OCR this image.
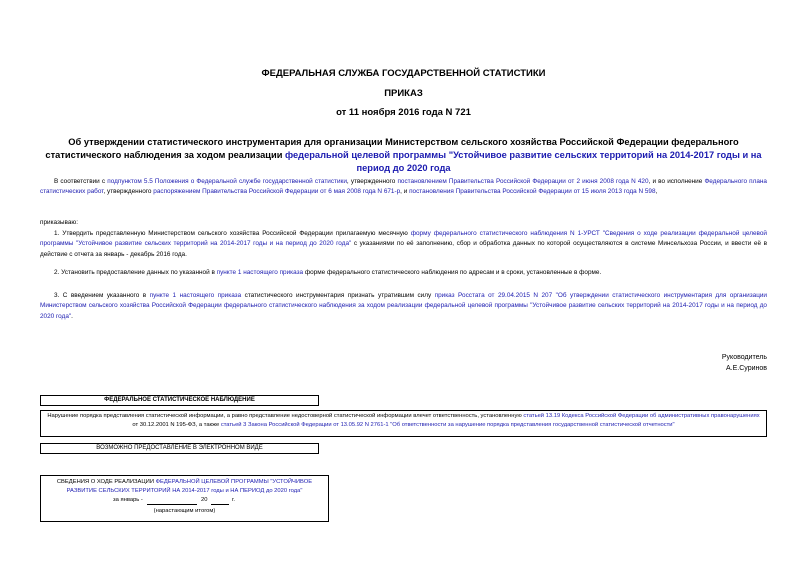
ФЕДЕРАЛЬНАЯ СЛУЖБА ГОСУДАРСТВЕННОЙ СТАТИСТИКИ
ПРИКАЗ
от 11 ноября 2016 года N 721
Об утверждении статистического инструментария для организации Министерством сельского хозяйства Российской Федерации федерального статистического наблюдения за ходом реализации федеральной целевой программы "Устойчивое развитие сельских территорий на 2014-2017 годы и на период до 2020 года
В соответствии с подпунктом 5.5 Положения о Федеральной службе государственной статистики, утвержденного постановлением Правительства Российской Федерации от 2 июня 2008 года N 420, и во исполнение Федерального плана статистических работ, утвержденного распоряжением Правительства Российской Федерации от 6 мая 2008 года N 671-р, и постановления Правительства Российской Федерации от 15 июля 2013 года N 598,
приказываю:
1. Утвердить представленную Министерством сельского хозяйства Российской Федерации прилагаемую месячную форму федерального статистического наблюдения N 1-УРСТ "Сведения о ходе реализации федеральной целевой программы "Устойчивое развитие сельских территорий на 2014-2017 годы и на период до 2020 года" с указаниями по её заполнению, сбор и обработка данных по которой осуществляются в системе Минсельхоза России, и ввести её в действие с отчета за январь - декабрь 2016 года.
2. Установить предоставление данных по указанной в пункте 1 настоящего приказа форме федерального статистического наблюдения по адресам и в сроки, установленные в форме.
3. С введением указанного в пункте 1 настоящего приказа статистического инструментария признать утратившим силу приказ Росстата от 29.04.2015 N 207 "Об утверждении статистического инструментария для организации Министерством сельского хозяйства Российской Федерации федерального статистического наблюдения за ходом реализации федеральной целевой программы "Устойчивое развитие сельских территорий на 2014-2017 годы и на период до 2020 года".
Руководитель
А.Е.Суринов
ФЕДЕРАЛЬНОЕ СТАТИСТИЧЕСКОЕ НАБЛЮДЕНИЕ
Нарушение порядка представления статистической информации, а равно представление недостоверной статистической информации влечет ответственность, установленную статьей 13.19 Кодекса Российской Федерации об административных правонарушениях от 30.12.2001 N 195-ФЗ, а также статьей 3 Закона Российской Федерации от 13.05.92 N 2761-1 "Об ответственности за нарушение порядка представления государственной статистической отчетности"
ВОЗМОЖНО ПРЕДОСТАВЛЕНИЕ В ЭЛЕКТРОННОМ ВИДЕ
СВЕДЕНИЯ О ХОДЕ РЕАЛИЗАЦИИ ФЕДЕРАЛЬНОЙ ЦЕЛЕВОЙ ПРОГРАММЫ "УСТОЙЧИВОЕ РАЗВИТИЕ СЕЛЬСКИХ ТЕРРИТОРИЙ НА 2014-2017 годы и НА ПЕРИОД до 2020 года"
за январь -	20	г.
(нарастающим итогом)
